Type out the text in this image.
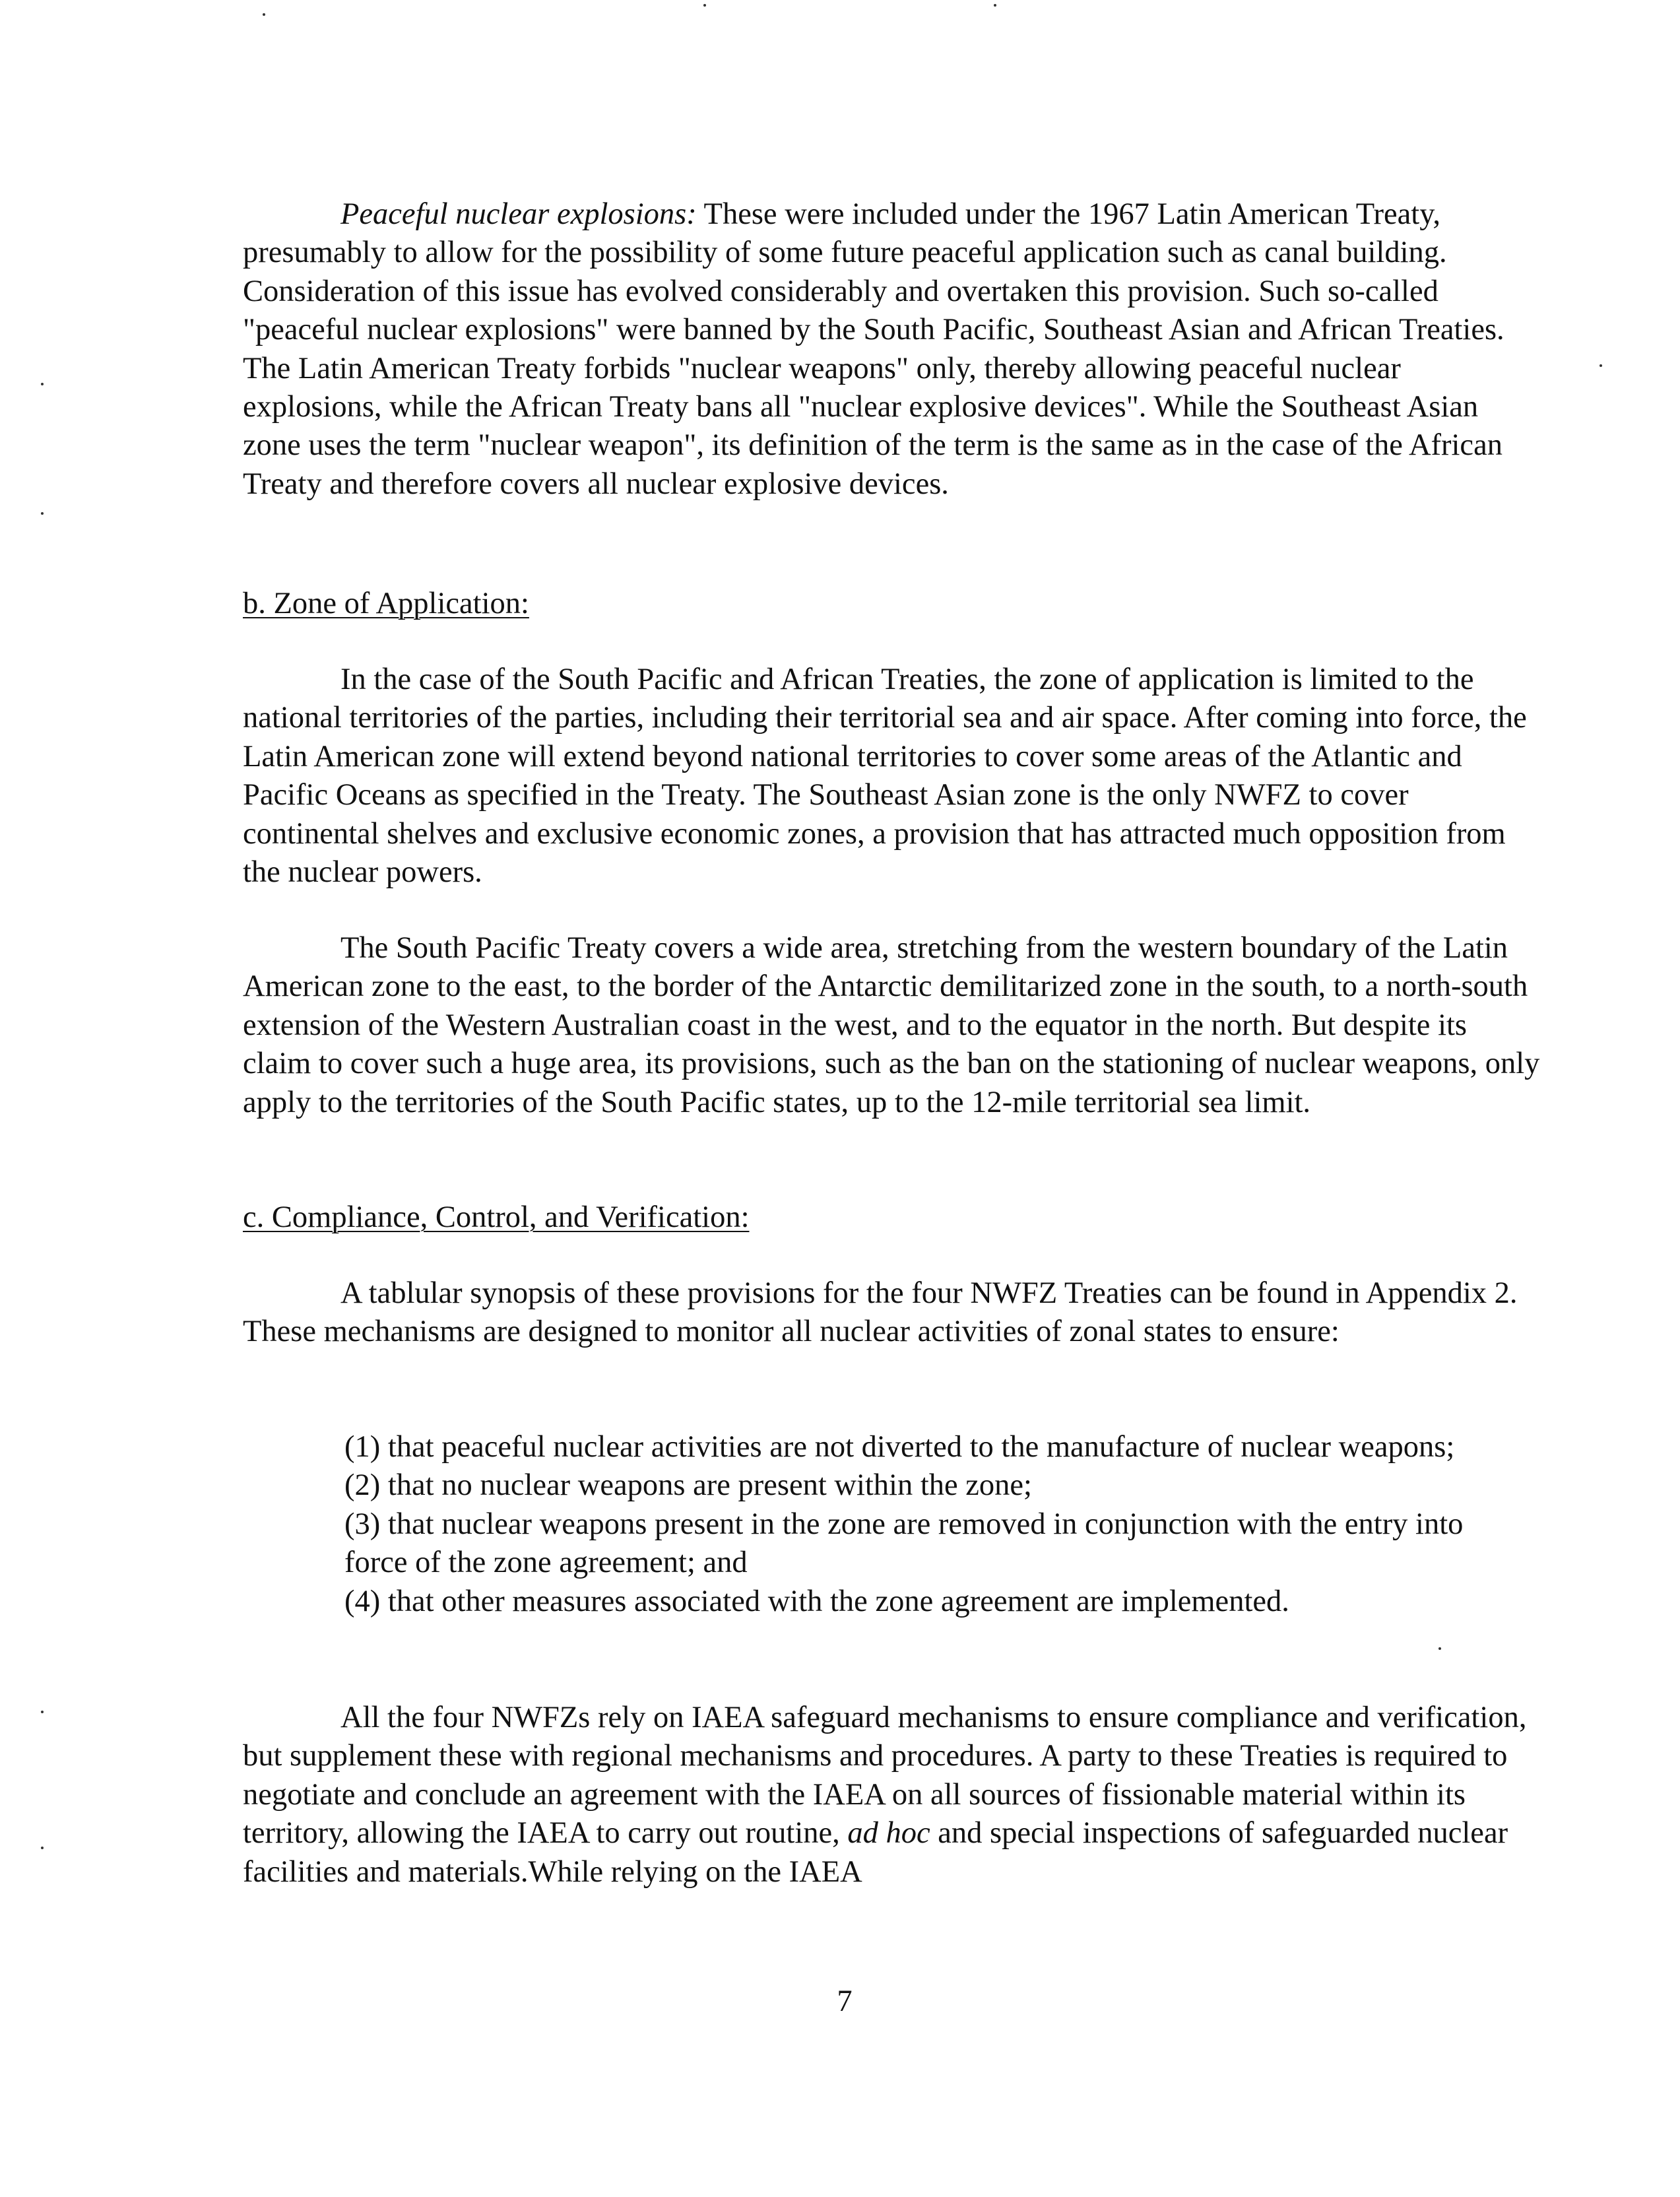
Peaceful nuclear explosions: These were included under the 1967 Latin American Treaty, presumably to allow for the possibility of some future peaceful application such as canal building. Consideration of this issue has evolved considerably and overtaken this provision. Such so-called "peaceful nuclear explosions" were banned by the South Pacific, Southeast Asian and African Treaties. The Latin American Treaty forbids "nuclear weapons" only, thereby allowing peaceful nuclear explosions, while the African Treaty bans all "nuclear explosive devices". While the Southeast Asian zone uses the term "nuclear weapon", its definition of the term is the same as in the case of the African Treaty and therefore covers all nuclear explosive devices.

b. Zone of Application:

In the case of the South Pacific and African Treaties, the zone of application is limited to the national territories of the parties, including their territorial sea and air space. After coming into force, the Latin American zone will extend beyond national territories to cover some areas of the Atlantic and Pacific Oceans as specified in the Treaty. The Southeast Asian zone is the only NWFZ to cover continental shelves and exclusive economic zones, a provision that has attracted much opposition from the nuclear powers.

The South Pacific Treaty covers a wide area, stretching from the western boundary of the Latin American zone to the east, to the border of the Antarctic demilitarized zone in the south, to a north-south extension of the Western Australian coast in the west, and to the equator in the north. But despite its claim to cover such a huge area, its provisions, such as the ban on the stationing of nuclear weapons, only apply to the territories of the South Pacific states, up to the 12-mile territorial sea limit.

c. Compliance, Control, and Verification:

A tablular synopsis of these provisions for the four NWFZ Treaties can be found in Appendix 2. These mechanisms are designed to monitor all nuclear activities of zonal states to ensure:

(1) that peaceful nuclear activities are not diverted to the manufacture of nuclear weapons;
(2) that no nuclear weapons are present within the zone;
(3) that nuclear weapons present in the zone are removed in conjunction with the entry into force of the zone agreement; and
(4) that other measures associated with the zone agreement are implemented.

All the four NWFZs rely on IAEA safeguard mechanisms to ensure compliance and verification, but supplement these with regional mechanisms and procedures. A party to these Treaties is required to negotiate and conclude an agreement with the IAEA on all sources of fissionable material within its territory, allowing the IAEA to carry out routine, ad hoc and special inspections of safeguarded nuclear facilities and materials.While relying on the IAEA

7
